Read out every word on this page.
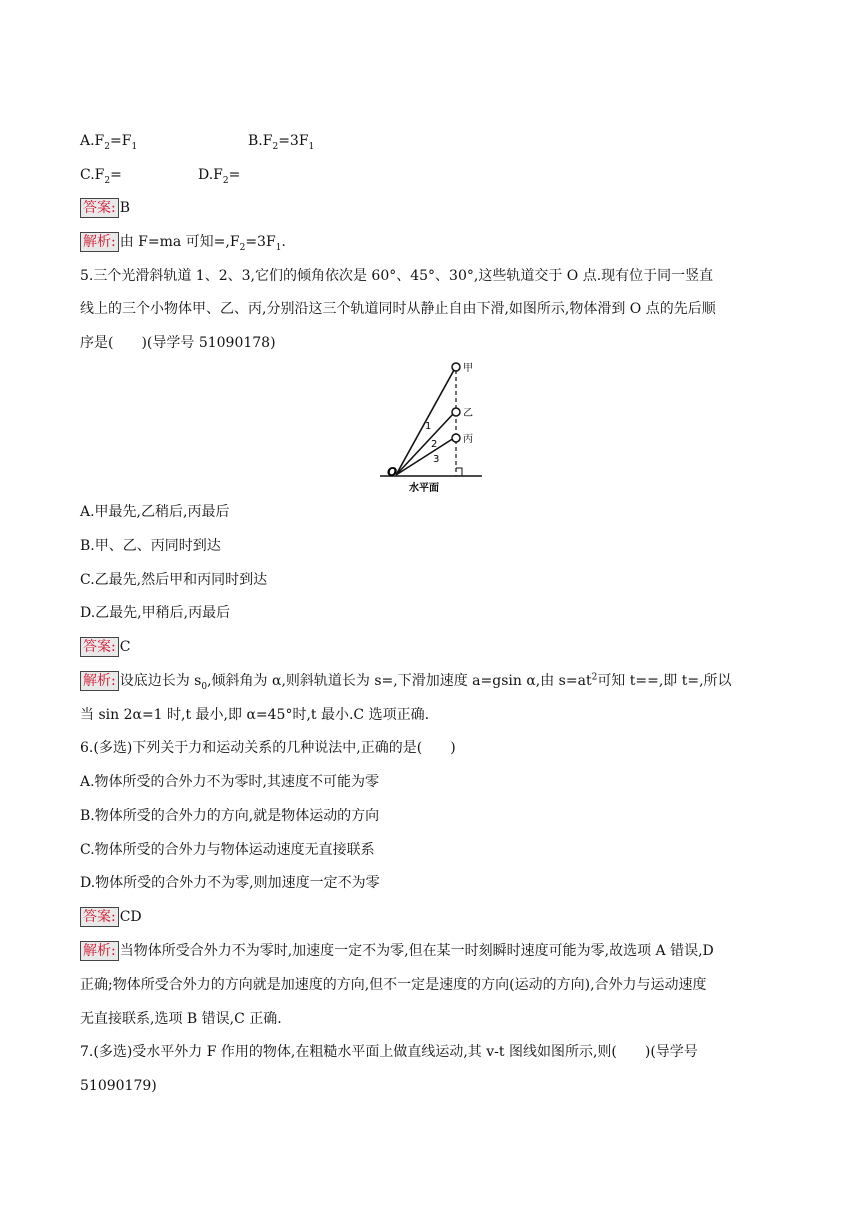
$A.F_2=F_1$	$B.F_2=3F_1$
$C.F_2=$	$D.F_2=$
答案: B
解析: 由 F=ma 可知$=,F_2=3F_1$.
5.三个光滑斜轨道 1、2、3,它们的倾角依次是 60°、45°、30°,这些轨道交于 O 点.现有位于同一竖直
线上的三个小物体甲、乙、丙,分别沿这三个轨道同时从静止自由下滑,如图所示,物体滑到 O 点的先后顺
序是(　　)(导学号 51090178)
甲
乙
丙
1
2
3
O
水平面
A.甲最先,乙稍后,丙最后
B.甲、乙、丙同时到达
C.乙最先,然后甲和丙同时到达
D.乙最先,甲稍后,丙最后
答案: C
解析: 设底边长为 $s_0$,倾斜角为 α,则斜轨道长为 s=,下滑加速度 a=gsin α,由 $s=at^2$可知 t==,即 t=,所以
当 sin 2α=1 时,t 最小,即 α=45°时,t 最小.C 选项正确.
6.(多选)下列关于力和运动关系的几种说法中,正确的是(　　)
A.物体所受的合外力不为零时,其速度不可能为零
B.物体所受的合外力的方向,就是物体运动的方向
C.物体所受的合外力与物体运动速度无直接联系
D.物体所受的合外力不为零,则加速度一定不为零
答案: CD
解析: 当物体所受合外力不为零时,加速度一定不为零,但在某一时刻瞬时速度可能为零,故选项 A 错误,D
正确;物体所受合外力的方向就是加速度的方向,但不一定是速度的方向(运动的方向),合外力与运动速度
无直接联系,选项 B 错误,C 正确.
7.(多选)受水平外力 F 作用的物体,在粗糙水平面上做直线运动,其 v-t 图线如图所示,则(　　)(导学号
51090179)
